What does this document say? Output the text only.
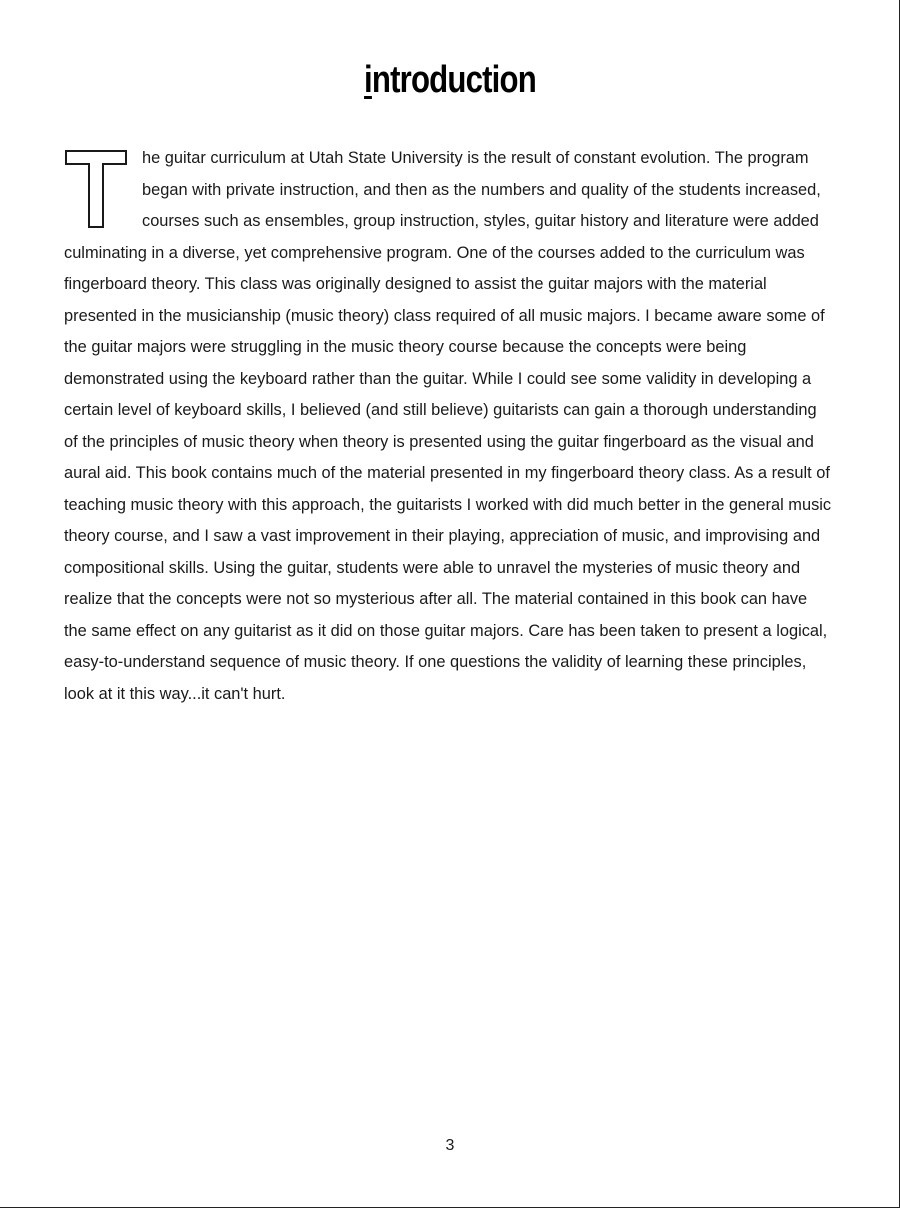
introduction
he guitar curriculum at Utah State University is the result of constant evolution. The program began with private instruction, and then as the numbers and quality of the students increased, courses such as ensembles, group instruction, styles, guitar history and literature were added culminating in a diverse, yet comprehensive program. One of the courses added to the curriculum was fingerboard theory. This class was originally designed to assist the guitar majors with the material presented in the musicianship (music theory) class required of all music majors. I became aware some of the guitar majors were struggling in the music theory course because the concepts were being demonstrated using the keyboard rather than the guitar. While I could see some validity in developing a certain level of keyboard skills, I believed (and still believe) guitarists can gain a thorough understanding of the principles of music theory when theory is presented using the guitar fingerboard as the visual and aural aid. This book contains much of the material presented in my fingerboard theory class. As a result of teaching music theory with this approach, the guitarists I worked with did much better in the general music theory course, and I saw a vast improvement in their playing, appreciation of music, and improvising and compositional skills. Using the guitar, students were able to unravel the mysteries of music theory and realize that the concepts were not so mysterious after all. The material contained in this book can have the same effect on any guitarist as it did on those guitar majors. Care has been taken to present a logical, easy-to-understand sequence of music theory. If one questions the validity of learning these principles, look at it this way...it can't hurt.
3
